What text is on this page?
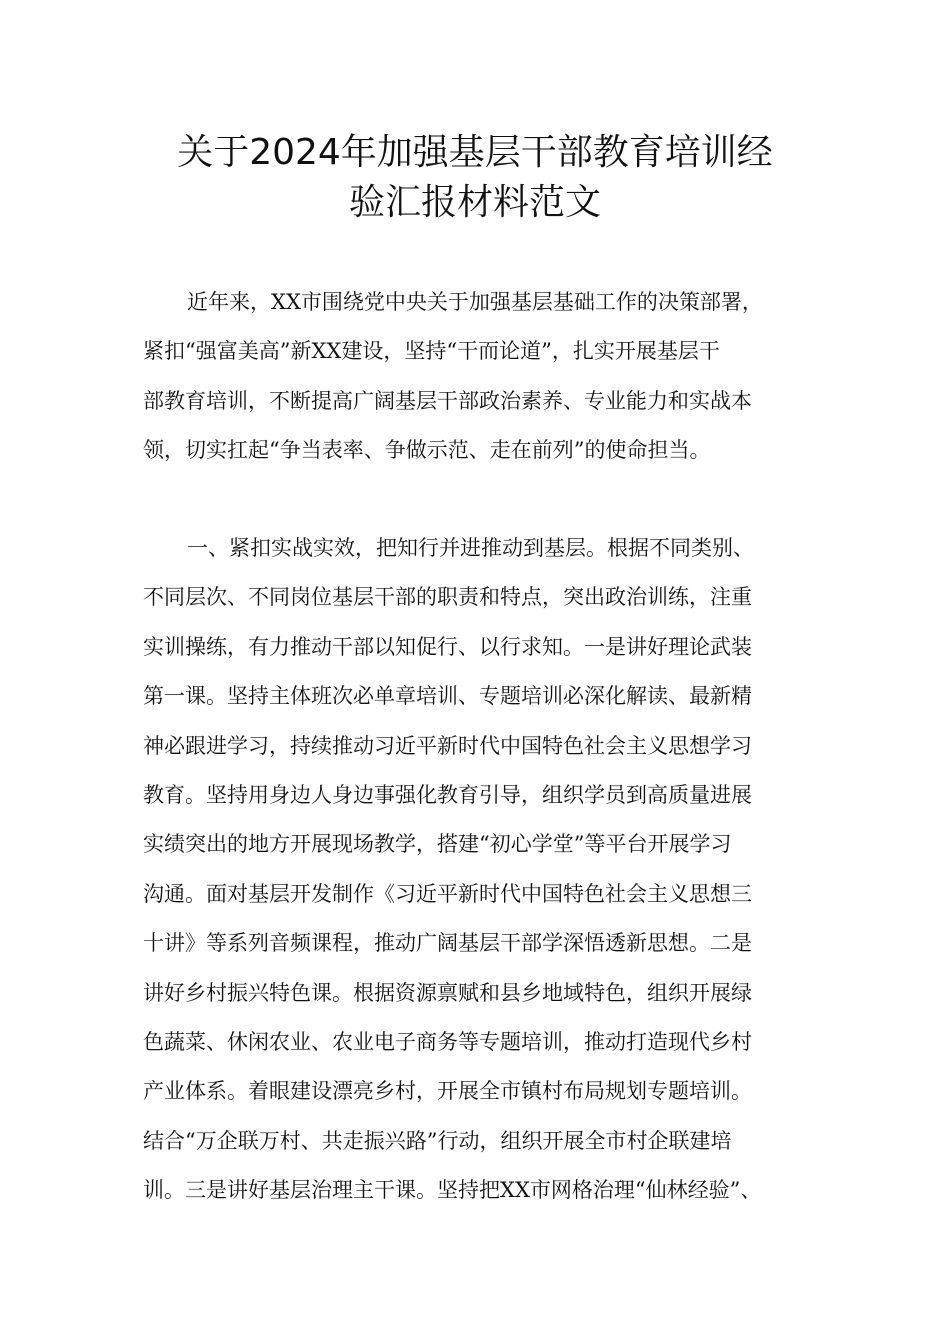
关于2024年加强基层干部教育培训经
验汇报材料范文
近年来，XX市围绕党中央关于加强基层基础工作的决策部署，
紧扣“强富美高”新XX建设，坚持“干而论道”，扎实开展基层干
部教育培训，不断提高广阔基层干部政治素养、专业能力和实战本
领，切实扛起“争当表率、争做示范、走在前列”的使命担当。
一、紧扣实战实效，把知行并进推动到基层。根据不同类别、
不同层次、不同岗位基层干部的职责和特点，突出政治训练，注重
实训操练，有力推动干部以知促行、以行求知。一是讲好理论武装
第一课。坚持主体班次必单章培训、专题培训必深化解读、最新精
神必跟进学习，持续推动习近平新时代中国特色社会主义思想学习
教育。坚持用身边人身边事强化教育引导，组织学员到高质量进展
实绩突出的地方开展现场教学，搭建“初心学堂”等平台开展学习
沟通。面对基层开发制作《习近平新时代中国特色社会主义思想三
十讲》等系列音频课程，推动广阔基层干部学深悟透新思想。二是
讲好乡村振兴特色课。根据资源禀赋和县乡地域特色，组织开展绿
色蔬菜、休闲农业、农业电子商务等专题培训，推动打造现代乡村
产业体系。着眼建设漂亮乡村，开展全市镇村布局规划专题培训。
结合“万企联万村、共走振兴路”行动，组织开展全市村企联建培
训。三是讲好基层治理主干课。坚持把XX市网格治理“仙林经验”、
